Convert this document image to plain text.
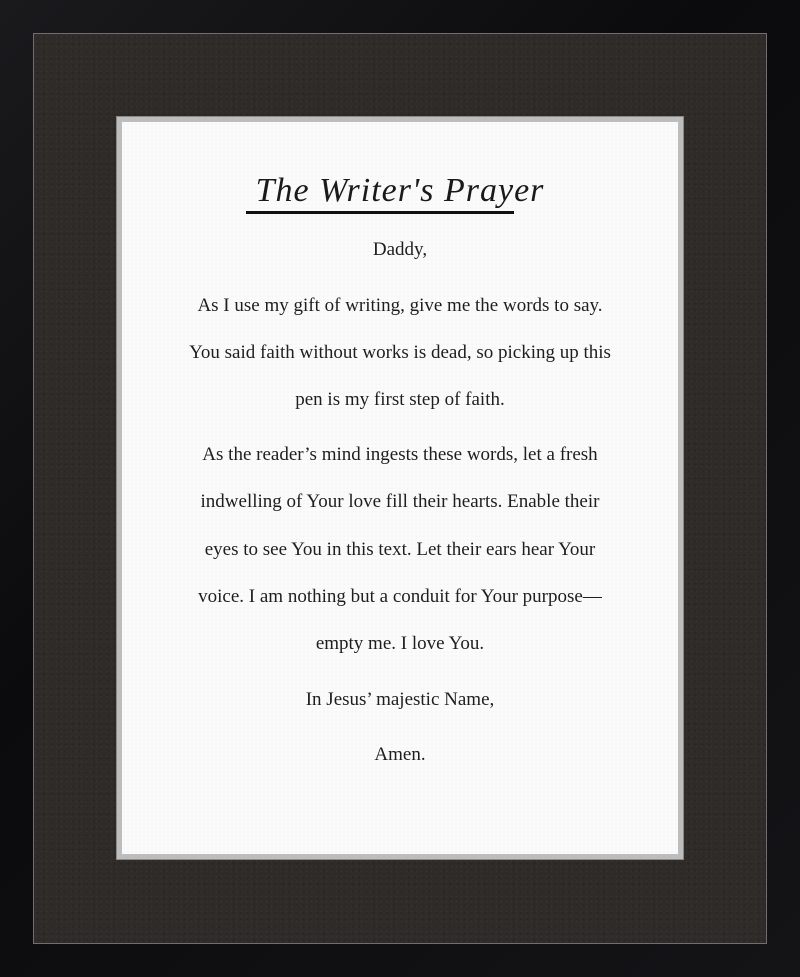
The Writer's Prayer
Daddy,
As I use my gift of writing, give me the words to say.
You said faith without works is dead, so picking up this
pen is my first step of faith.
As the reader’s mind ingests these words, let a fresh
indwelling of Your love fill their hearts. Enable their
eyes to see You in this text. Let their ears hear Your
voice. I am nothing but a conduit for Your purpose—
empty me. I love You.
In Jesus’ majestic Name,
Amen.
